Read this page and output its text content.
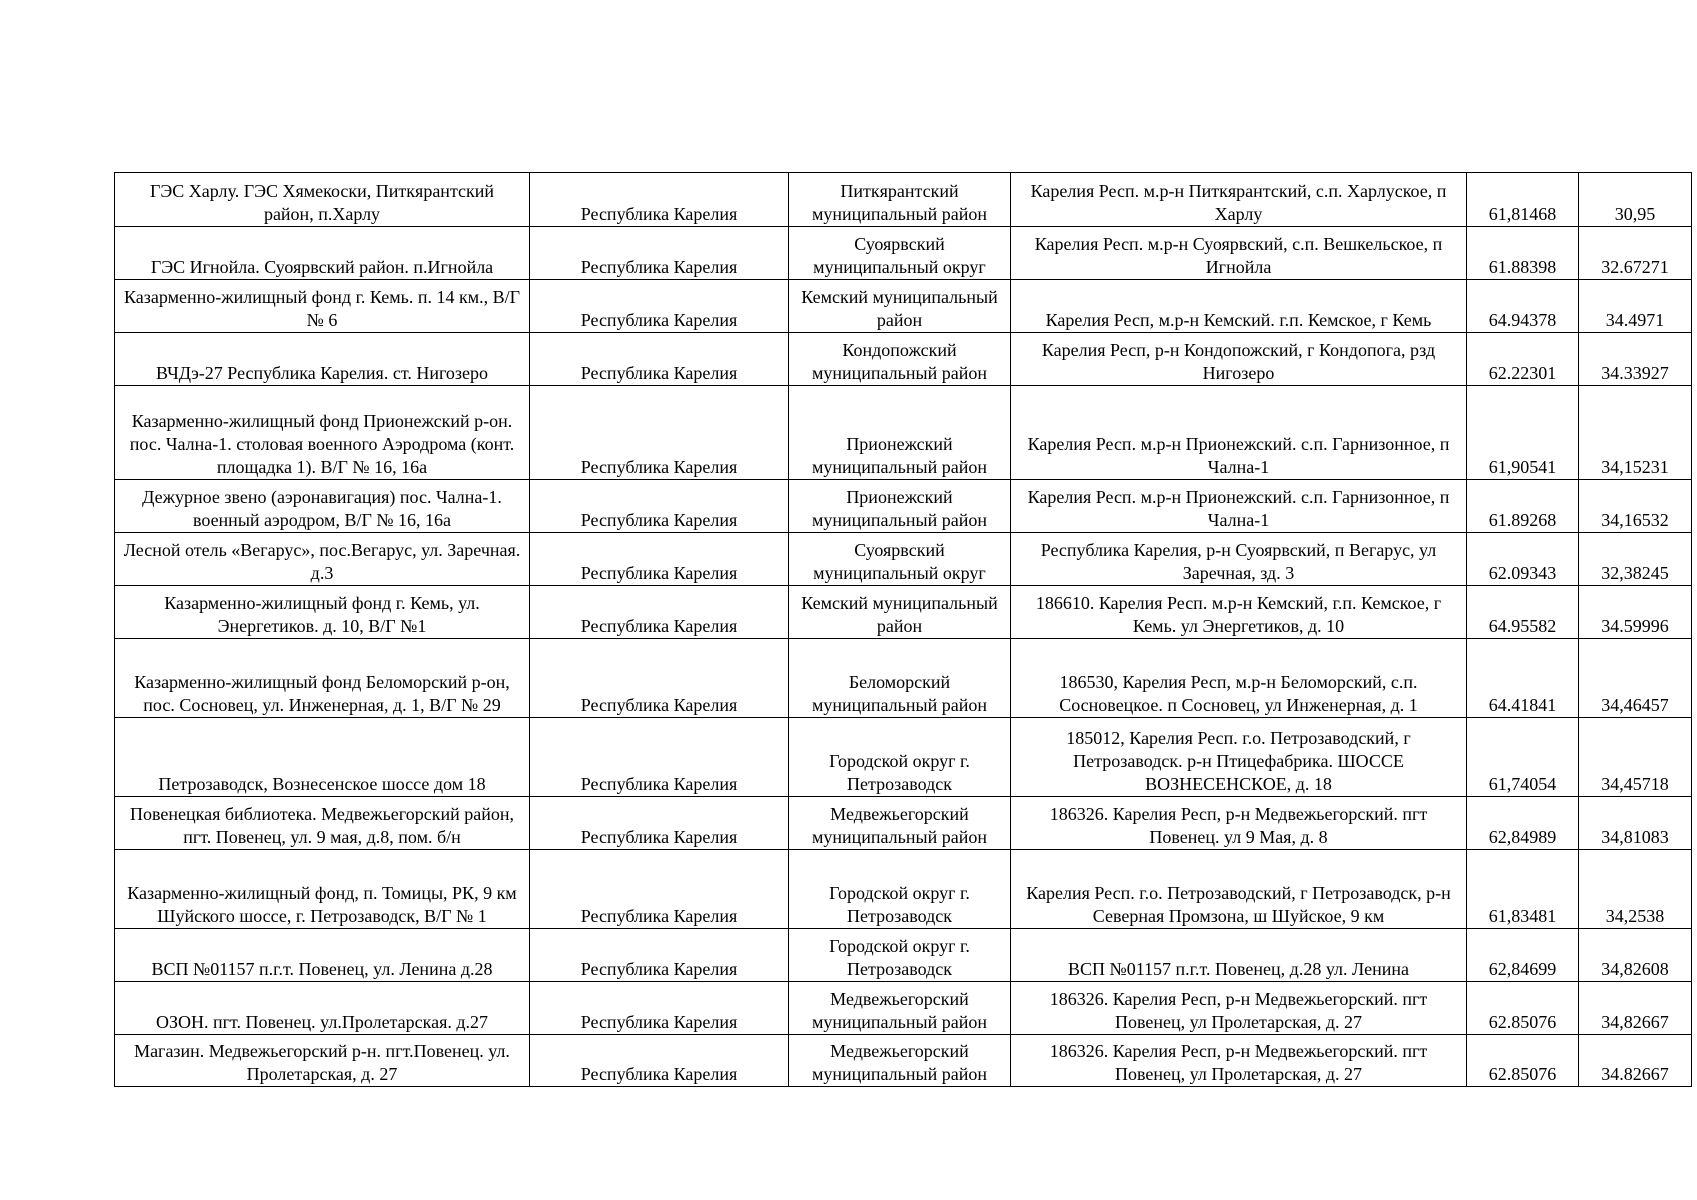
ГЭС Харлу. ГЭС Хямекоски, Питкярантский район, п.Харлу	Республика Карелия	Питкярантский муниципальный район	Карелия Респ. м.р-н Питкярантский, с.п. Харлуское, п Харлу	61,81468	30,95
ГЭС Игнойла. Суоярвский район. п.Игнойла	Республика Карелия	Суоярвский муниципальный округ	Карелия Респ. м.р-н Суоярвский, с.п. Вешкельское, п Игнойла	61.88398	32.67271
Казарменно-жилищный фонд г. Кемь. п. 14 км., В/Г № 6	Республика Карелия	Кемский муниципальный район	Карелия Респ, м.р-н Кемский. г.п. Кемское, г Кемь	64.94378	34.4971
ВЧДэ-27 Республика Карелия. ст. Нигозеро	Республика Карелия	Кондопожский муниципальный район	Карелия Респ, р-н Кондопожский, г Кондопога, рзд Нигозеро	62.22301	34.33927
Казарменно-жилищный фонд Прионежский р-он. пос. Чална-1. столовая военного Аэродрома (конт. площадка 1). В/Г № 16, 16а	Республика Карелия	Прионежский муниципальный район	Карелия Респ. м.р-н Прионежский. с.п. Гарнизонное, п Чална-1	61,90541	34,15231
Дежурное звено (аэронавигация) пос. Чална-1. военный аэродром, В/Г № 16, 16а	Республика Карелия	Прионежский муниципальный район	Карелия Респ. м.р-н Прионежский. с.п. Гарнизонное, п Чална-1	61.89268	34,16532
Лесной отель «Вегарус», пос.Вегарус, ул. Заречная. д.3	Республика Карелия	Суоярвский муниципальный округ	Республика Карелия, р-н Суоярвский, п Вегарус, ул Заречная, зд. 3	62.09343	32,38245
Казарменно-жилищный фонд г. Кемь, ул. Энергетиков. д. 10, В/Г №1	Республика Карелия	Кемский муниципальный район	186610. Карелия Респ. м.р-н Кемский, г.п. Кемское, г Кемь. ул Энергетиков, д. 10	64.95582	34.59996
Казарменно-жилищный фонд Беломорский р-он, пос. Сосновец, ул. Инженерная, д. 1, В/Г № 29	Республика Карелия	Беломорский муниципальный район	186530, Карелия Респ, м.р-н Беломорский, с.п. Сосновецкое. п Сосновец, ул Инженерная, д. 1	64.41841	34,46457
Петрозаводск, Вознесенское шоссе дом 18	Республика Карелия	Городской округ г. Петрозаводск	185012, Карелия Респ. г.о. Петрозаводский, г Петрозаводск. р-н Птицефабрика. ШОССЕ ВОЗНЕСЕНСКОЕ, д. 18	61,74054	34,45718
Повенецкая библиотека. Медвежьегорский район, пгт. Повенец, ул. 9 мая, д.8, пом. б/н	Республика Карелия	Медвежьегорский муниципальный район	186326. Карелия Респ, р-н Медвежьегорский. пгт Повенец. ул 9 Мая, д. 8	62,84989	34,81083
Казарменно-жилищный фонд, п. Томицы, РК, 9 км Шуйского шоссе, г. Петрозаводск, В/Г № 1	Республика Карелия	Городской округ г. Петрозаводск	Карелия Респ. г.о. Петрозаводский, г Петрозаводск, р-н Северная Промзона, ш Шуйское, 9 км	61,83481	34,2538
ВСП №01157 п.г.т. Повенец, ул. Ленина д.28	Республика Карелия	Городской округ г. Петрозаводск	ВСП №01157 п.г.т. Повенец, д.28 ул. Ленина	62,84699	34,82608
ОЗОН. пгт. Повенец. ул.Пролетарская. д.27	Республика Карелия	Медвежьегорский муниципальный район	186326. Карелия Респ, р-н Медвежьегорский. пгт Повенец, ул Пролетарская, д. 27	62.85076	34,82667
Магазин. Медвежьегорский р-н. пгт.Повенец. ул. Пролетарская, д. 27	Республика Карелия	Медвежьегорский муниципальный район	186326. Карелия Респ, р-н Медвежьегорский. пгт Повенец, ул Пролетарская, д. 27	62.85076	34.82667
